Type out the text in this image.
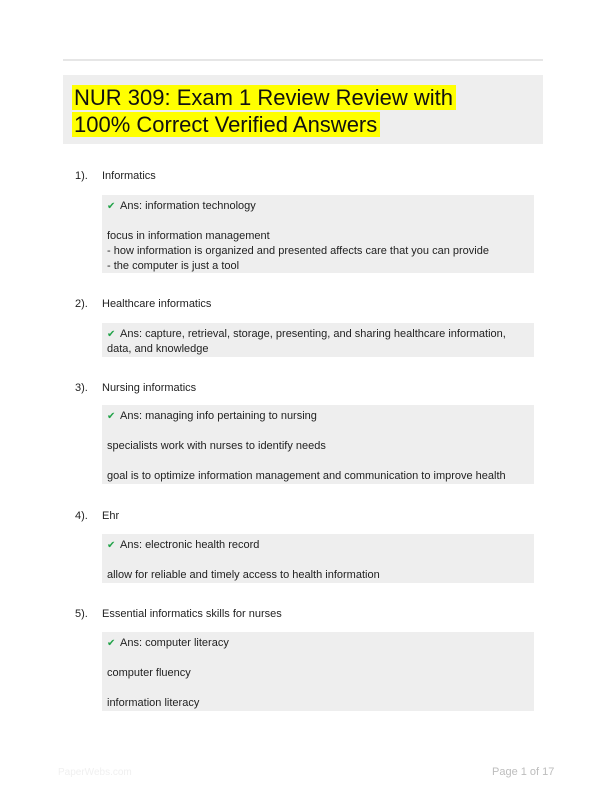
NUR 309: Exam 1 Review Review with 100% Correct Verified Answers
1). Informatics
✔ Ans: information technology
focus in information management
- how information is organized and presented affects care that you can provide
- the computer is just a tool
2). Healthcare informatics
✔ Ans: capture, retrieval, storage, presenting, and sharing healthcare information, data, and knowledge
3). Nursing informatics
✔ Ans: managing info pertaining to nursing
specialists work with nurses to identify needs
goal is to optimize information management and communication to improve health
4). Ehr
✔ Ans: electronic health record
allow for reliable and timely access to health information
5). Essential informatics skills for nurses
✔ Ans: computer literacy
computer fluency
information literacy
PaperWebs.com	Page 1 of 17
